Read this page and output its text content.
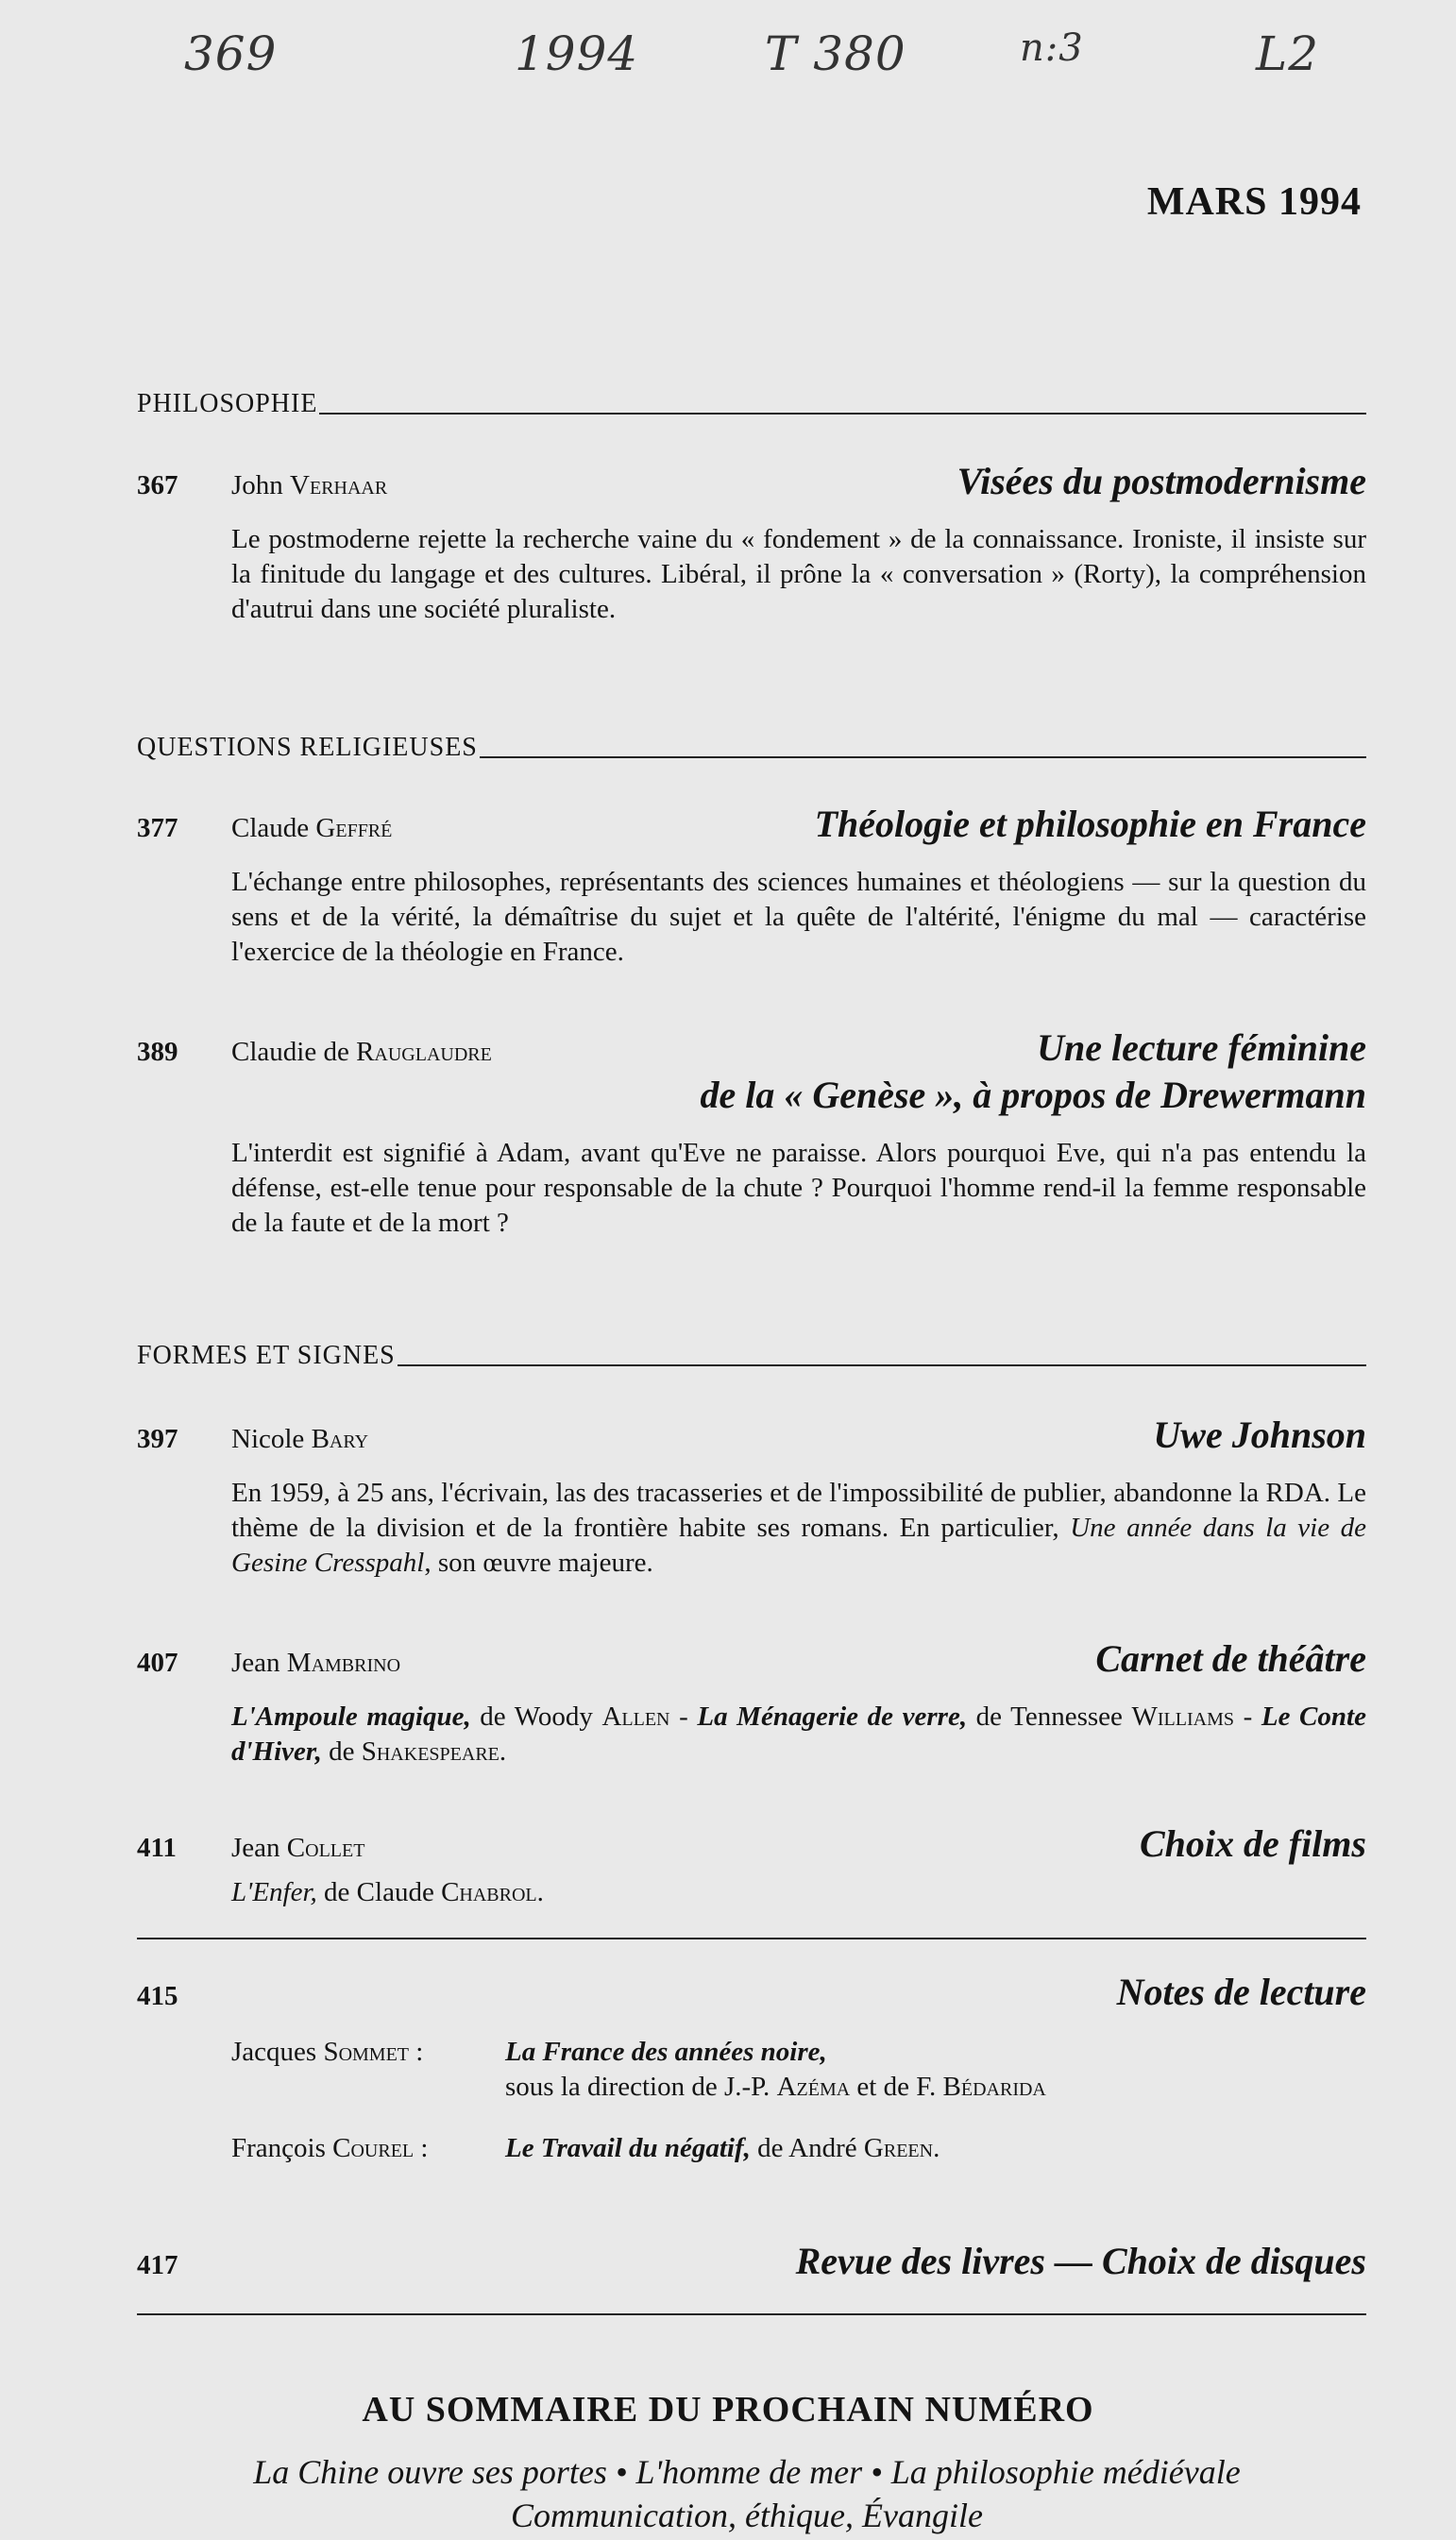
369	1994	T 380	n:3	L2
MARS 1994
PHILOSOPHIE
367	John Verhaar	Visées du postmodernisme
Le postmoderne rejette la recherche vaine du « fondement » de la connaissance. Ironiste, il insiste sur la finitude du langage et des cultures. Libéral, il prône la « conversation » (Rorty), la compréhension d'autrui dans une société pluraliste.
QUESTIONS RELIGIEUSES
377	Claude Geffré	Théologie et philosophie en France
L'échange entre philosophes, représentants des sciences humaines et théologiens — sur la question du sens et de la vérité, la démaîtrise du sujet et la quête de l'altérité, l'énigme du mal — caractérise l'exercice de la théologie en France.
389	Claudie de Rauglaudre	Une lecture féminine
de la « Genèse », à propos de Drewermann
L'interdit est signifié à Adam, avant qu'Eve ne paraisse. Alors pourquoi Eve, qui n'a pas entendu la défense, est-elle tenue pour responsable de la chute ? Pourquoi l'homme rend-il la femme responsable de la faute et de la mort ?
FORMES ET SIGNES
397	Nicole Bary	Uwe Johnson
En 1959, à 25 ans, l'écrivain, las des tracasseries et de l'impossibilité de publier, abandonne la RDA. Le thème de la division et de la frontière habite ses romans. En particulier, Une année dans la vie de Gesine Cresspahl, son œuvre majeure.
407	Jean Mambrino	Carnet de théâtre
L'Ampoule magique, de Woody Allen - La Ménagerie de verre, de Tennessee Williams - Le Conte d'Hiver, de Shakespeare.
411	Jean Collet	Choix de films
L'Enfer, de Claude Chabrol.
415	Notes de lecture
Jacques Sommet :	La France des années noire,
sous la direction de J.-P. Azéma et de F. Bédarida
François Courel :	Le Travail du négatif, de André Green.
417	Revue des livres — Choix de disques
AU SOMMAIRE DU PROCHAIN NUMÉRO
La Chine ouvre ses portes • L'homme de mer • La philosophie médiévale
Communication, éthique, Évangile
